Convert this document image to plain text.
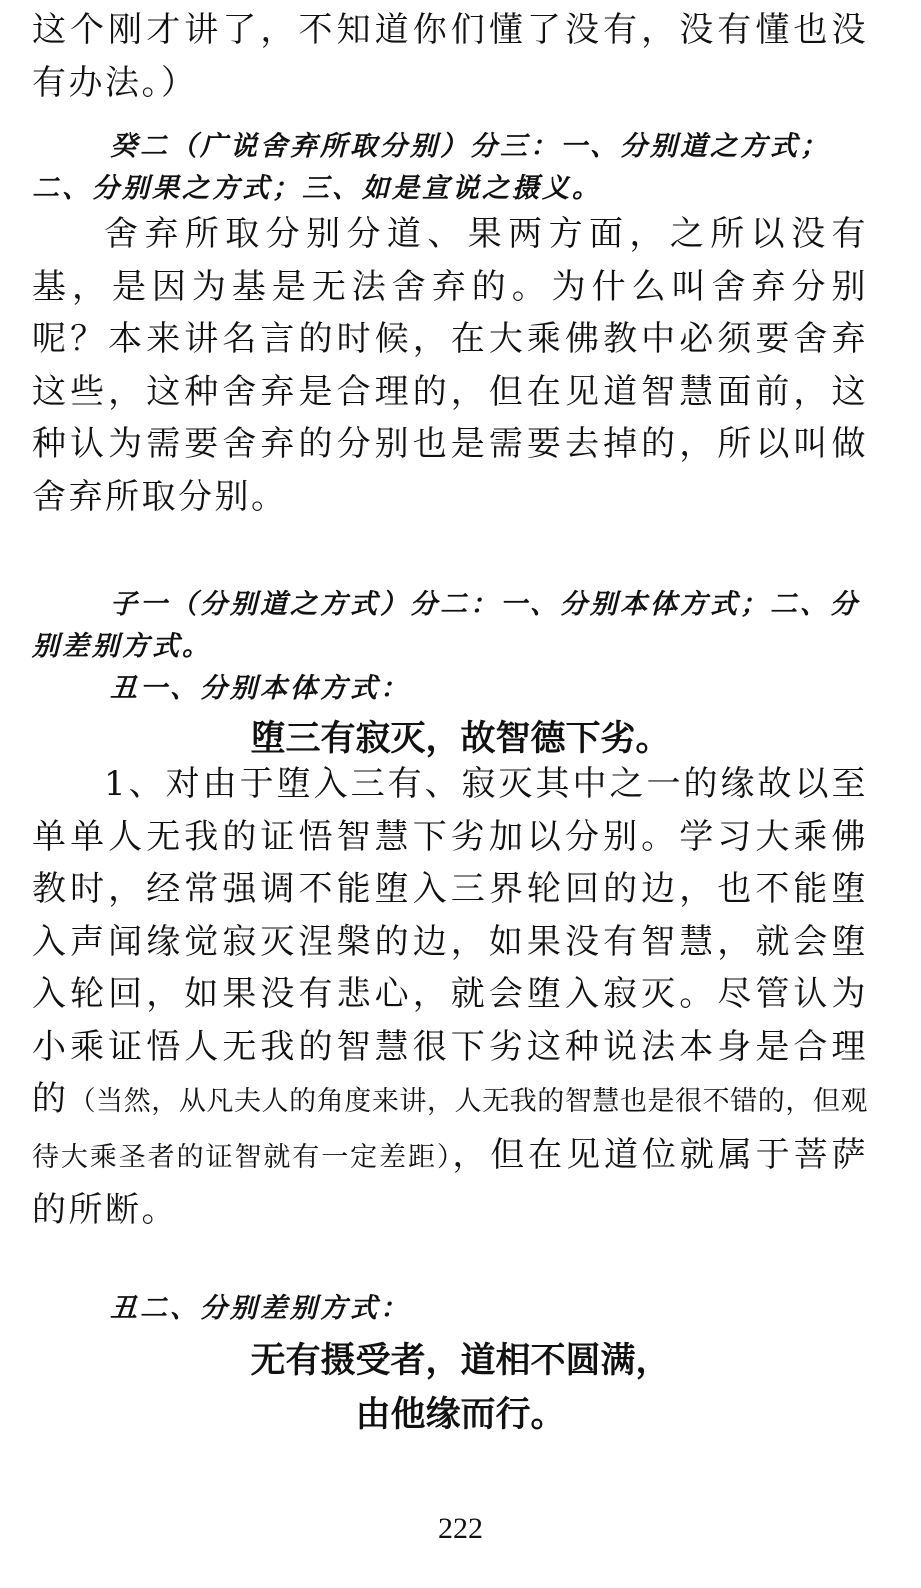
这个刚才讲了，不知道你们懂了没有，没有懂也没有办法。）

癸二（广说舍弃所取分别）分三：一、分别道之方式；二、分别果之方式；三、如是宣说之摄义。

舍弃所取分别分道、果两方面，之所以没有基，是因为基是无法舍弃的。为什么叫舍弃分别呢？本来讲名言的时候，在大乘佛教中必须要舍弃这些，这种舍弃是合理的，但在见道智慧面前，这种认为需要舍弃的分别也是需要去掉的，所以叫做舍弃所取分别。

子一（分别道之方式）分二：一、分别本体方式；二、分别差别方式。

丑一、分别本体方式：

堕三有寂灭，故智德下劣。

1、对由于堕入三有、寂灭其中之一的缘故以至单单人无我的证悟智慧下劣加以分别。学习大乘佛教时，经常强调不能堕入三界轮回的边，也不能堕入声闻缘觉寂灭涅槃的边，如果没有智慧，就会堕入轮回，如果没有悲心，就会堕入寂灭。尽管认为小乘证悟人无我的智慧很下劣这种说法本身是合理的（当然，从凡夫人的角度来讲，人无我的智慧也是很不错的，但观待大乘圣者的证智就有一定差距），但在见道位就属于菩萨的所断。

丑二、分别差别方式：

无有摄受者，道相不圆满，

由他缘而行。

222
